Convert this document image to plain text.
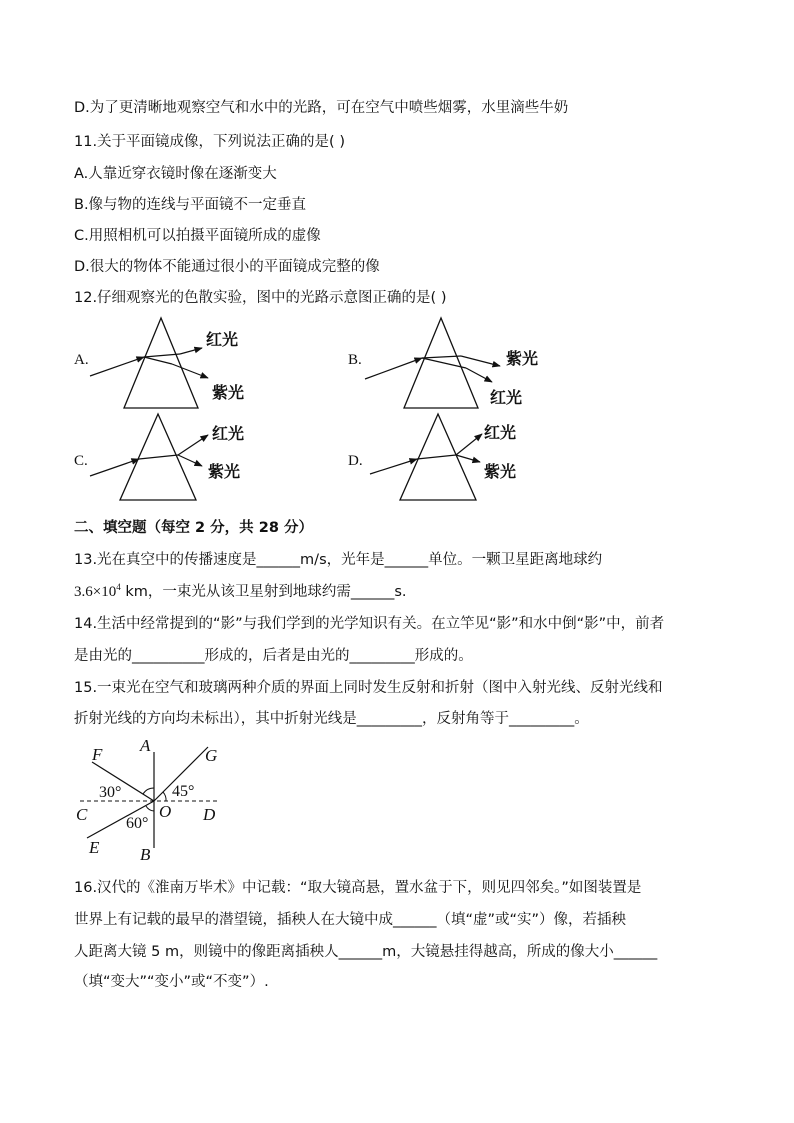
D.为了更清晰地观察空气和水中的光路，可在空气中喷些烟雾，水里滴些牛奶
11.关于平面镜成像，下列说法正确的是( )
A.人靠近穿衣镜时像在逐渐变大
B.像与物的连线与平面镜不一定垂直
C.用照相机可以拍摄平面镜所成的虚像
D.很大的物体不能通过很小的平面镜成完整的像
12.仔细观察光的色散实验，图中的光路示意图正确的是( )
A.
红光
紫光
紫光
红光
红光
紫光
红光
紫光
B.
C.	D.
二、填空题（每空 2 分，共 28 分）
13.光在真空中的传播速度是______m/s，光年是______单位。一颗卫星距离地球约
$3.6\times 10^4$ km，一束光从该卫星射到地球约需______s.
14.生活中经常提到的“影”与我们学到的光学知识有关。在立竿见“影”和水中倒“影”中，前者
是由光的__________形成的，后者是由光的_________形成的。
15.一束光在空气和玻璃两种介质的界面上同时发生反射和折射（图中入射光线、反射光线和
折射光线的方向均未标出），其中折射光线是_________，反射角等于_________。
A
B
C	D
E
F	G
O
30°	45°
60°
16.汉代的《淮南万毕术》中记载：“取大镜高悬，置水盆于下，则见四邻矣。”如图装置是
世界上有记载的最早的潜望镜，插秧人在大镜中成______（填“虚”或“实”）像，若插秧
人距离大镜 5 m，则镜中的像距离插秧人______m，大镜悬挂得越高，所成的像大小______
（填“变大”“变小”或“不变”）.
